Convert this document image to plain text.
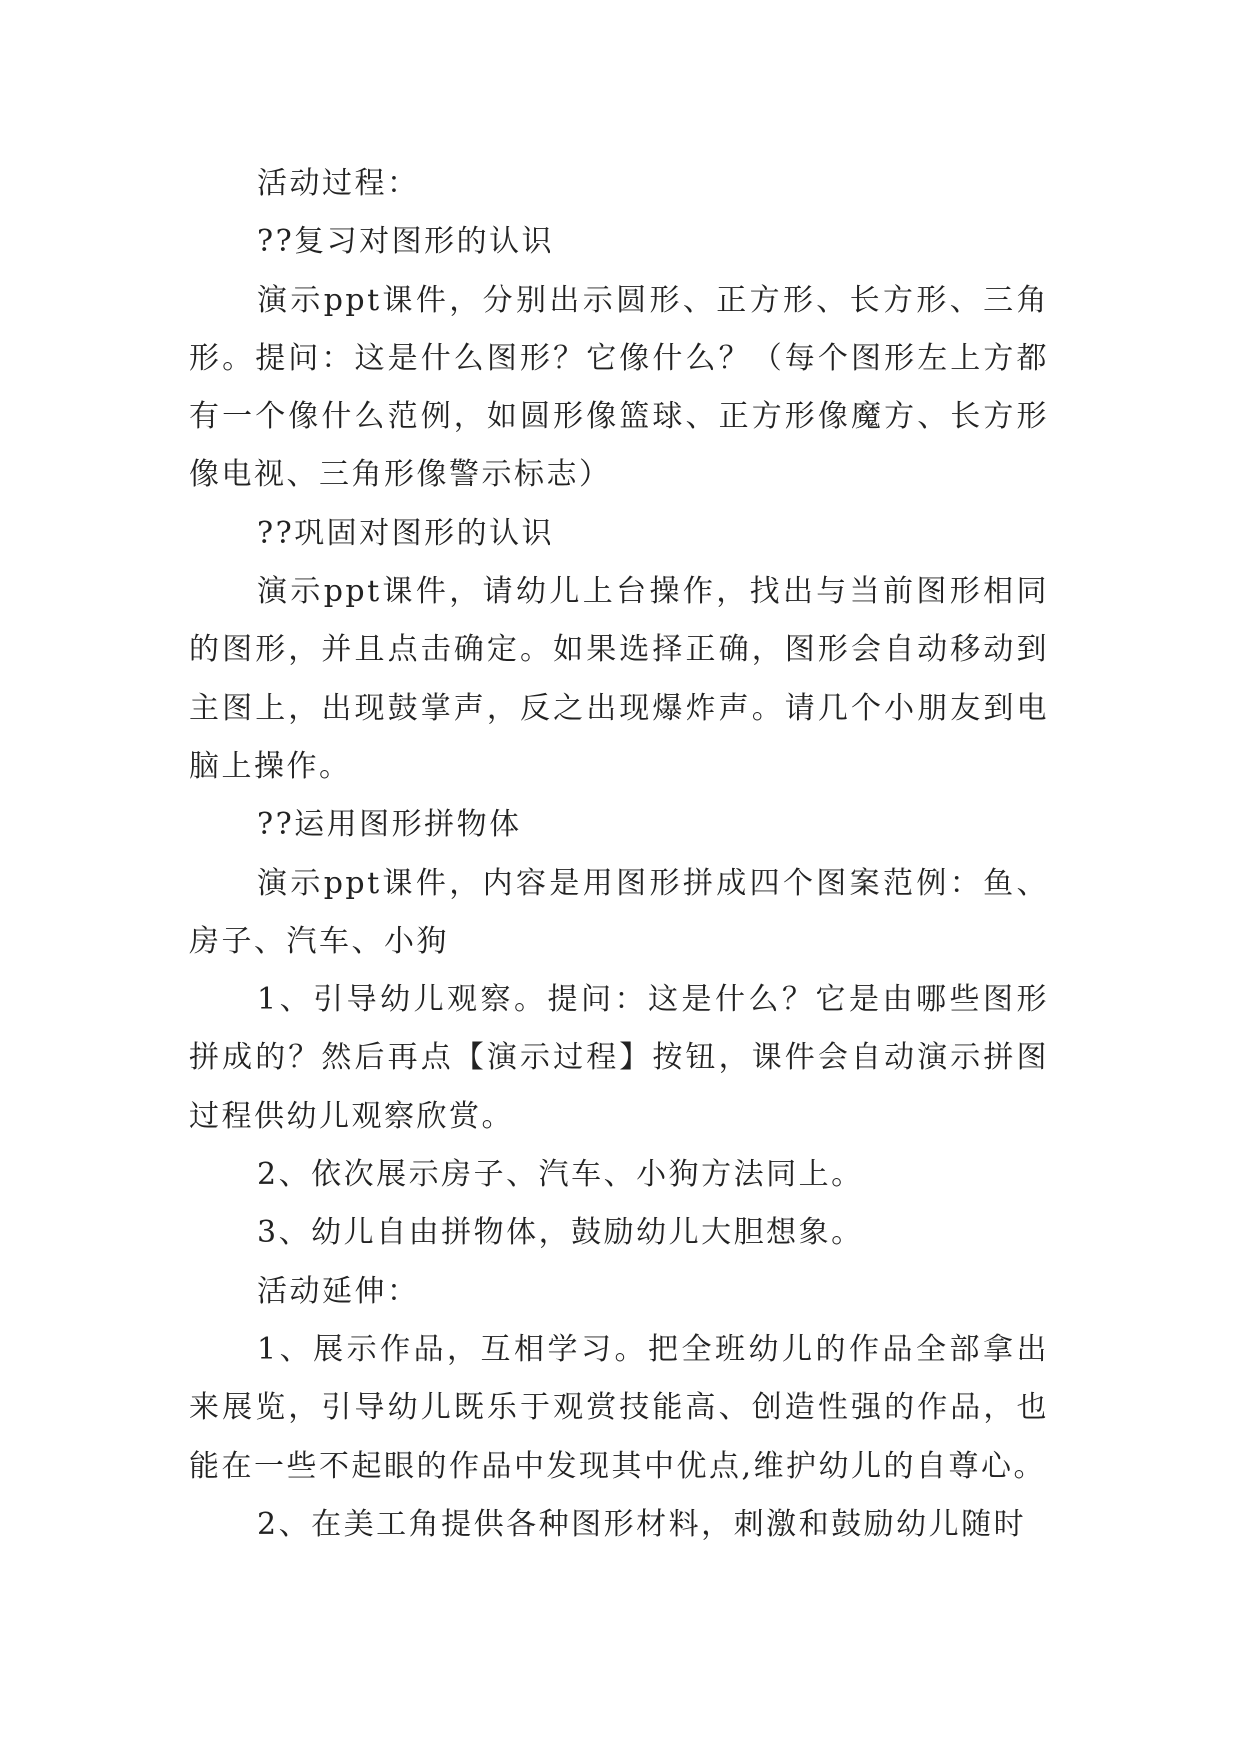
活动过程：

??复习对图形的认识

演示ppt课件，分别出示圆形、正方形、长方形、三角形。提问：这是什么图形？它像什么？（每个图形左上方都有一个像什么范例，如圆形像篮球、正方形像魔方、长方形像电视、三角形像警示标志）

??巩固对图形的认识

演示ppt课件，请幼儿上台操作，找出与当前图形相同的图形，并且点击确定。如果选择正确，图形会自动移动到主图上，出现鼓掌声，反之出现爆炸声。请几个小朋友到电脑上操作。

??运用图形拼物体

演示ppt课件，内容是用图形拼成四个图案范例：鱼、房子、汽车、小狗

1、引导幼儿观察。提问：这是什么？它是由哪些图形拼成的？然后再点【演示过程】按钮，课件会自动演示拼图过程供幼儿观察欣赏。

2、依次展示房子、汽车、小狗方法同上。

3、幼儿自由拼物体，鼓励幼儿大胆想象。

活动延伸：

1、展示作品，互相学习。把全班幼儿的作品全部拿出来展览，引导幼儿既乐于观赏技能高、创造性强的作品，也能在一些不起眼的作品中发现其中优点,维护幼儿的自尊心。

2、在美工角提供各种图形材料，刺激和鼓励幼儿随时
